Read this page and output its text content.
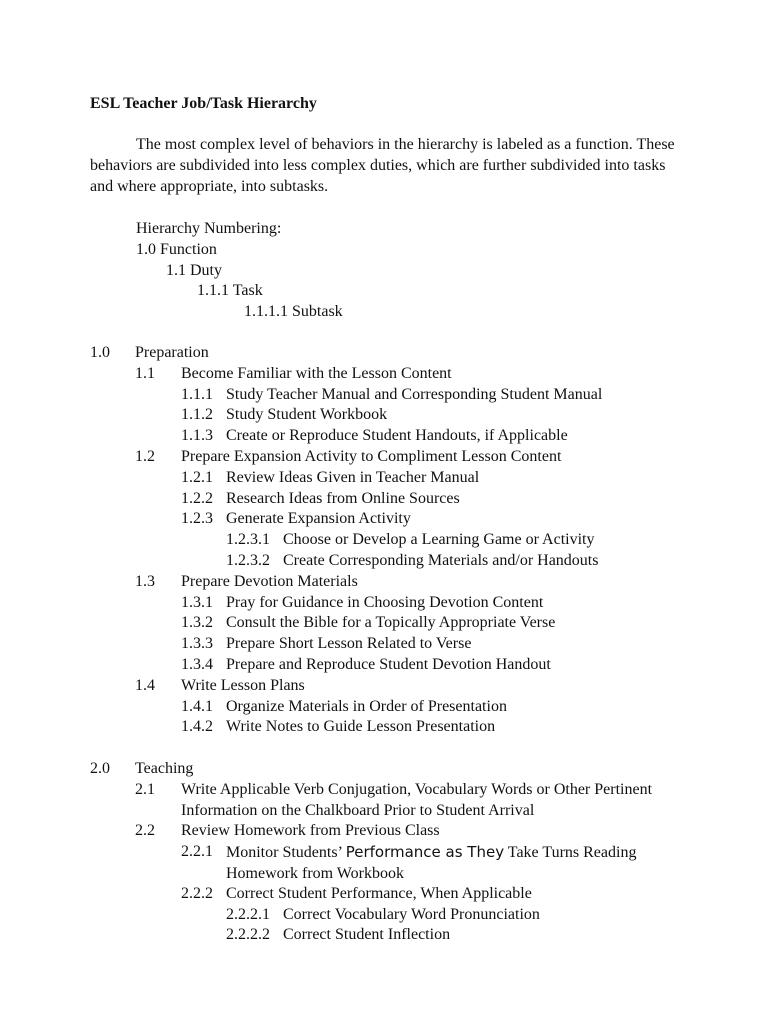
ESL Teacher Job/Task Hierarchy

The most complex level of behaviors in the hierarchy is labeled as a function. These behaviors are subdivided into less complex duties, which are further subdivided into tasks and where appropriate, into subtasks.

Hierarchy Numbering:
1.0 Function
1.1 Duty
1.1.1 Task
1.1.1.1 Subtask
1.0 Preparation
1.1 Become Familiar with the Lesson Content
1.1.1 Study Teacher Manual and Corresponding Student Manual
1.1.2 Study Student Workbook
1.1.3 Create or Reproduce Student Handouts, if Applicable
1.2 Prepare Expansion Activity to Compliment Lesson Content
1.2.1 Review Ideas Given in Teacher Manual
1.2.2 Research Ideas from Online Sources
1.2.3 Generate Expansion Activity
1.2.3.1 Choose or Develop a Learning Game or Activity
1.2.3.2 Create Corresponding Materials and/or Handouts
1.3 Prepare Devotion Materials
1.3.1 Pray for Guidance in Choosing Devotion Content
1.3.2 Consult the Bible for a Topically Appropriate Verse
1.3.3 Prepare Short Lesson Related to Verse
1.3.4 Prepare and Reproduce Student Devotion Handout
1.4 Write Lesson Plans
1.4.1 Organize Materials in Order of Presentation
1.4.2 Write Notes to Guide Lesson Presentation
2.0 Teaching
2.1 Write Applicable Verb Conjugation, Vocabulary Words or Other Pertinent Information on the Chalkboard Prior to Student Arrival
2.2 Review Homework from Previous Class
2.2.1 Monitor Students’ Performance as They Take Turns Reading Homework from Workbook
2.2.2 Correct Student Performance, When Applicable
2.2.2.1 Correct Vocabulary Word Pronunciation
2.2.2.2 Correct Student Inflection
